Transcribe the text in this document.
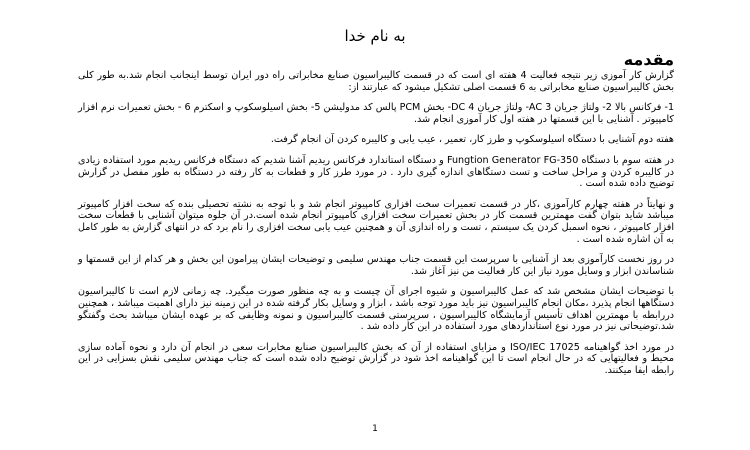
به نام خدا
مقدمه

گزارش کار آموزی زیر نتیجه فعالیت 4 هفته ای است که در قسمت کالیبراسیون صنایع مخابراتی راه دور ایران توسط اینجانب انجام شد.به طور کلی بخش کالیبراسیون صنایع مخابراتی به 6 قسمت اصلی تشکیل میشود که عبارتند از:

1- فرکانس بالا 2- ولتاژ جریان AC 3- ولتاژ جریان DC 4- بخش PCM پالس کد مدولیشن 5- بخش اسیلوسکوپ و اسکترم 6 - بخش تعمیرات نرم افزار کامپیوتر . آشنایی با این قسمتها در هفته اول کار آموزی انجام شد.

هفته دوم آشنایی با دستگاه اسیلوسکوپ و طرز کار، تعمیر ، عیب یابی و کالیبره کردن آن انجام گرفت.

در هفته سوم با دستگاه Fungtion Generator FG-350 و دستگاه استاندارد فرکانس ریدیم آشنا شدیم که دستگاه فرکانس ریدیم مورد استفاده زیادی در کالیبره کردن و مراحل ساخت و تست دستگاهای اندازه گیری دارد . در مورد طرز کار و قطعات به کار رفته در دستگاه به طور مفصل در گزارش توضیح داده شده است .

و نهایتاً در هفته چهارم کارآموزی ،کار در قسمت تعمیرات سخت افزاری کامپیوتر انجام شد و با توجه به نشته تحصیلی بنده که سخت افزار کامپیوتر میباشد شاید بتوان گفت مهمترین قسمت کار در بخش تعمیرات سخت افزاری کامپیوتر انجام شده است.در آن جلوه میتوان آشنایی با قطعات سخت افزار کامپیوتر ، نحوه اسمبل کردن یک سیستم ، تست و راه اندازی آن و همچنین عیب یابی سخت افزاری را نام برد که در انتهای گزارش به طور کامل به آن اشاره شده است .

در روز نخست کارآموزی بعد از آشنایی با سرپرست این قسمت جناب مهندس سلیمی و توضیحات ایشان پیرامون این بخش و هر کدام از این قسمتها و شناساندن ابزار و وسایل مورد نیاز این کار فعالیت من نیز آغاز شد.

با توضیحات ایشان مشخص شد که عمل کالیبراسیون و شیوه اجرای آن چیست و به چه منظور صورت میگیرد. چه زمانی لازم است تا کالیبراسیون دستگاهها انجام پذیرد ،مکان انجام کالیبراسیون نیز باید مورد توجه باشد ، ابزار و وسایل بکار گرفته شده در این زمینه نیز دارای اهمیت میباشد ، همچنین دررابطه با مهمترین اهداف تأسیس آزمایشگاه کالیبراسیون ، سرپرستی قسمت کالیبراسیون و نمونه وظایفی که بر عهده ایشان میباشد بحث وگفتگو شد.توضیحاتی نیز در مورد نوع استانداردهای مورد استفاده در این کار داده شد .

در مورد اخذ گواهینامه ISO/IEC 17025 و مزایای استفاده از آن که بخش کالیبراسیون صنایع مخابرات سعی در انجام آن دارد و نحوه آماده سازی محیط و فعالیتهایی که در حال انجام است تا این گواهینامه اخذ شود در گزارش توضیح داده شده است که جناب مهندس سلیمی نقش بسزایی در این رابطه ایفا میکنند.

1
